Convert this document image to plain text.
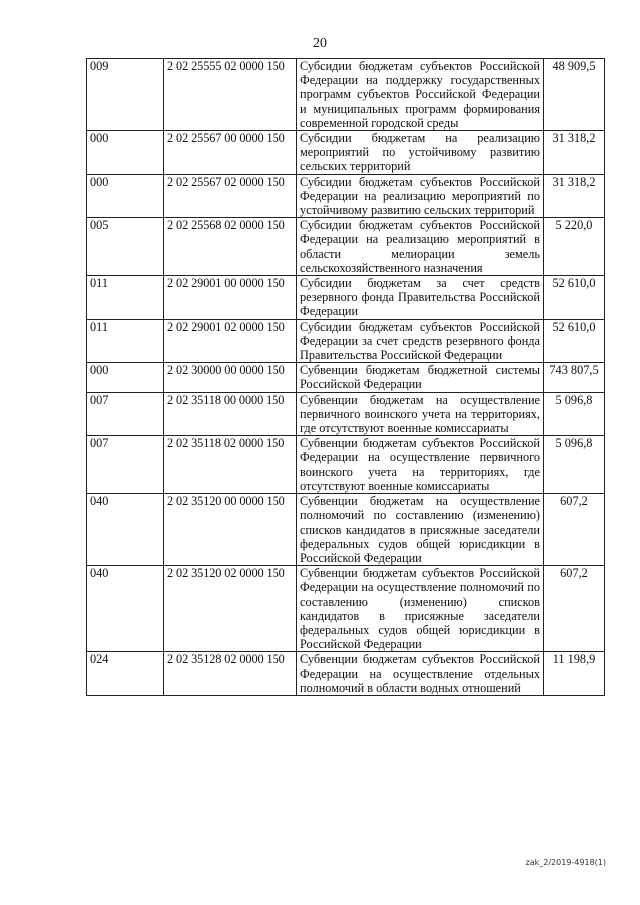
20
009	2 02 25555 02 0000 150	Субсидии бюджетам субъектов Российской Федерации на поддержку государственных программ субъектов Российской Федерации и муниципальных программ формирования современной городской среды	48 909,5
000	2 02 25567 00 0000 150	Субсидии бюджетам на реализацию мероприятий по устойчивому развитию сельских территорий	31 318,2
000	2 02 25567 02 0000 150	Субсидии бюджетам субъектов Российской Федерации на реализацию мероприятий по устойчивому развитию сельских территорий	31 318,2
005	2 02 25568 02 0000 150	Субсидии бюджетам субъектов Российской Федерации на реализацию мероприятий в области мелиорации земель сельскохозяйственного назначения	5 220,0
011	2 02 29001 00 0000 150	Субсидии бюджетам за счет средств резервного фонда Правительства Российской Федерации	52 610,0
011	2 02 29001 02 0000 150	Субсидии бюджетам субъектов Российской Федерации за счет средств резервного фонда Правительства Российской Федерации	52 610,0
000	2 02 30000 00 0000 150	Субвенции бюджетам бюджетной системы Российской Федерации	743 807,5
007	2 02 35118 00 0000 150	Субвенции бюджетам на осуществление первичного воинского учета на территориях, где отсутствуют военные комиссариаты	5 096,8
007	2 02 35118 02 0000 150	Субвенции бюджетам субъектов Российской Федерации на осуществление первичного воинского учета на территориях, где отсутствуют военные комиссариаты	5 096,8
040	2 02 35120 00 0000 150	Субвенции бюджетам на осуществление полномочий по составлению (изменению) списков кандидатов в присяжные заседатели федеральных судов общей юрисдикции в Российской Федерации	607,2
040	2 02 35120 02 0000 150	Субвенции бюджетам субъектов Российской Федерации на осуществление полномочий по составлению (изменению) списков кандидатов в присяжные заседатели федеральных судов общей юрисдикции в Российской Федерации	607,2
024	2 02 35128 02 0000 150	Субвенции бюджетам субъектов Российской Федерации на осуществление отдельных полномочий в области водных отношений	11 198,9
zak_2/2019-4918(1)
